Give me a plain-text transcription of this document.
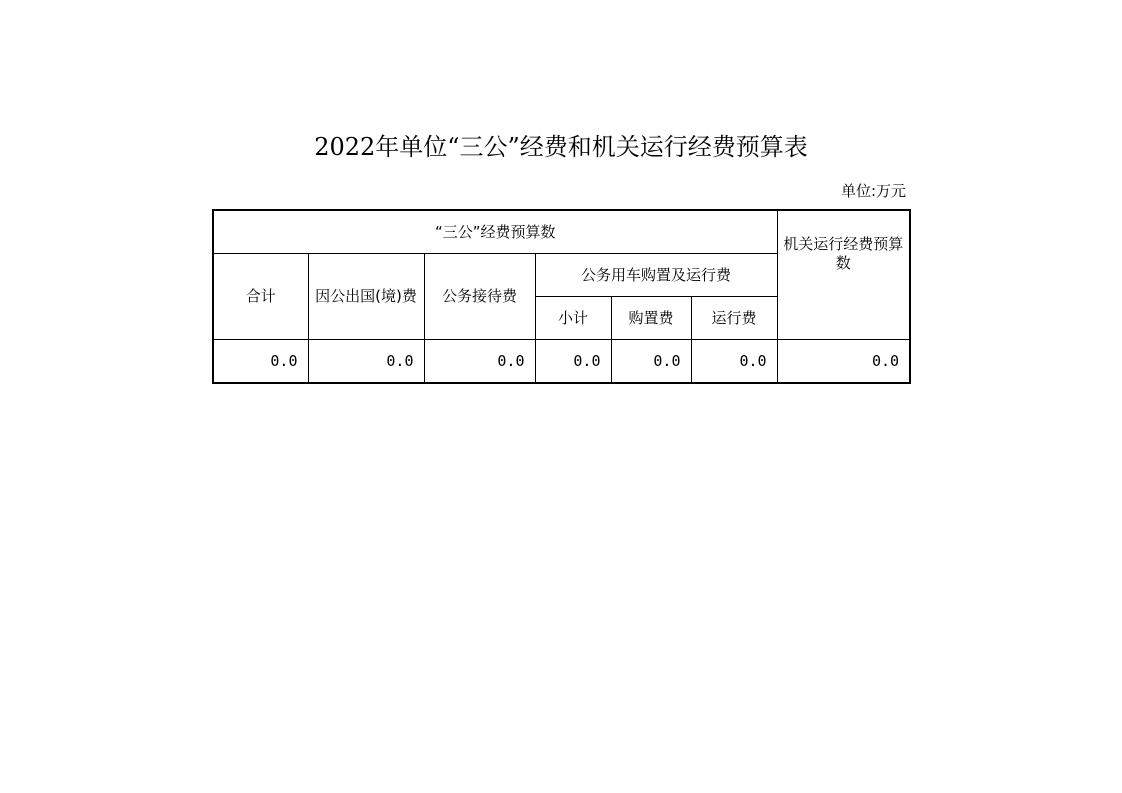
2022年单位“三公”经费和机关运行经费预算表
单位:万元
“三公”经费预算数						机关运行经费预算数

合计	因公出国(境)费	公务接待费	公务用车购置及运行费			
			小计	购置费	运行费	
0.0	0.0	0.0	0.0	0.0	0.0	0.0
